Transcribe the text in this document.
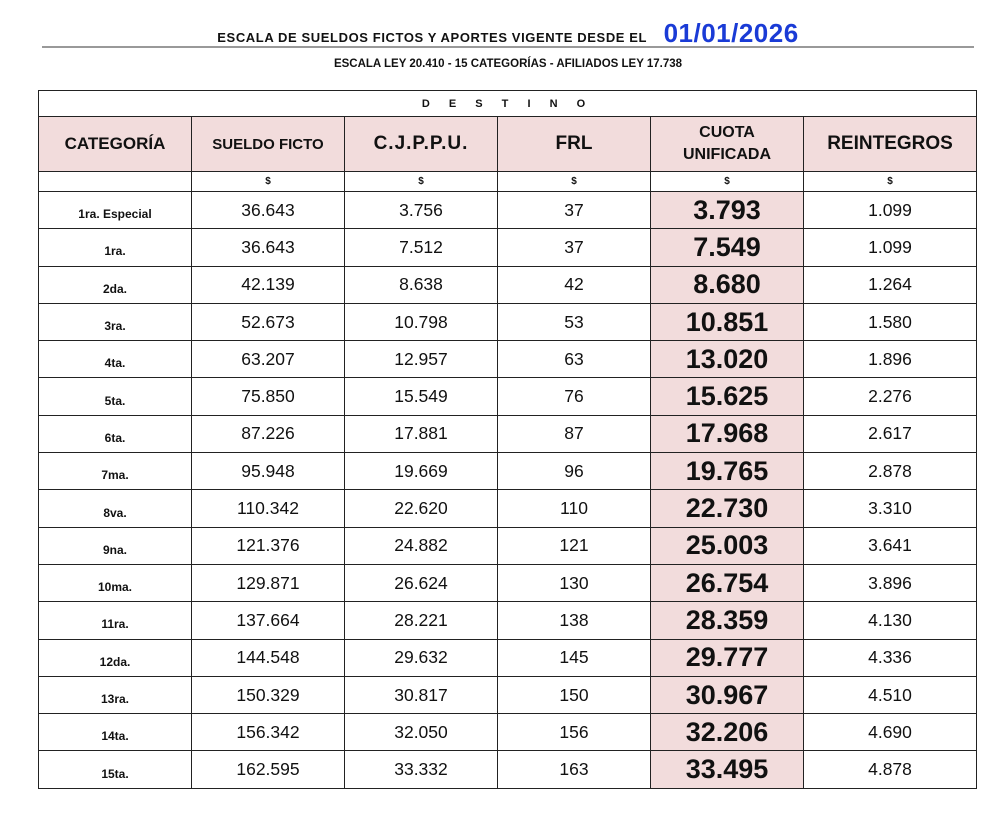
ESCALA DE SUELDOS FICTOS Y APORTES VIGENTE DESDE EL 01/01/2026
ESCALA LEY 20.410 - 15 CATEGORÍAS - AFILIADOS LEY 17.738
D E S T I N O					
CATEGORÍA	SUELDO FICTO	C.J.P.P.U.	FRL	CUOTA UNIFICADA	REINTEGROS
	$	$	$	$	$
1ra. Especial	36.643	3.756	37	3.793	1.099
1ra.	36.643	7.512	37	7.549	1.099
2da.	42.139	8.638	42	8.680	1.264
3ra.	52.673	10.798	53	10.851	1.580
4ta.	63.207	12.957	63	13.020	1.896
5ta.	75.850	15.549	76	15.625	2.276
6ta.	87.226	17.881	87	17.968	2.617
7ma.	95.948	19.669	96	19.765	2.878
8va.	110.342	22.620	110	22.730	3.310
9na.	121.376	24.882	121	25.003	3.641
10ma.	129.871	26.624	130	26.754	3.896
11ra.	137.664	28.221	138	28.359	4.130
12da.	144.548	29.632	145	29.777	4.336
13ra.	150.329	30.817	150	30.967	4.510
14ta.	156.342	32.050	156	32.206	4.690
15ta.	162.595	33.332	163	33.495	4.878
